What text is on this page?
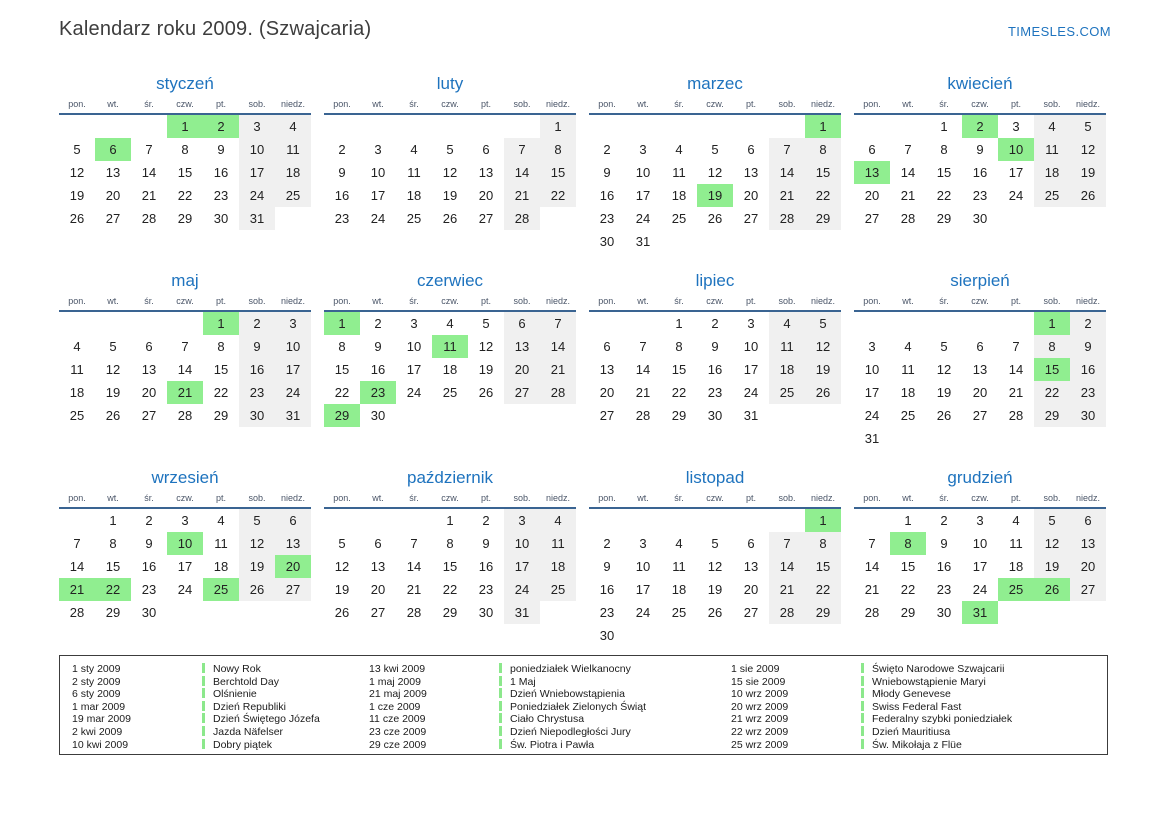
Kalendarz roku 2009. (Szwajcaria)	TIMESLES.COM
styczeń
pon.	wt.	śr.	czw.	pt.	sob.	niedz.
			1	2	3	4
5	6	7	8	9	10	11
12	13	14	15	16	17	18
19	20	21	22	23	24	25
26	27	28	29	30	31	
luty
pon.	wt.	śr.	czw.	pt.	sob.	niedz.
						1
2	3	4	5	6	7	8
9	10	11	12	13	14	15
16	17	18	19	20	21	22
23	24	25	26	27	28	
marzec
pon.	wt.	śr.	czw.	pt.	sob.	niedz.
						1
2	3	4	5	6	7	8
9	10	11	12	13	14	15
16	17	18	19	20	21	22
23	24	25	26	27	28	29
30	31					
kwiecień
pon.	wt.	śr.	czw.	pt.	sob.	niedz.
		1	2	3	4	5
6	7	8	9	10	11	12
13	14	15	16	17	18	19
20	21	22	23	24	25	26
27	28	29	30			
maj
pon.	wt.	śr.	czw.	pt.	sob.	niedz.
				1	2	3
4	5	6	7	8	9	10
11	12	13	14	15	16	17
18	19	20	21	22	23	24
25	26	27	28	29	30	31
czerwiec
pon.	wt.	śr.	czw.	pt.	sob.	niedz.
1	2	3	4	5	6	7
8	9	10	11	12	13	14
15	16	17	18	19	20	21
22	23	24	25	26	27	28
29	30					
lipiec
pon.	wt.	śr.	czw.	pt.	sob.	niedz.
		1	2	3	4	5
6	7	8	9	10	11	12
13	14	15	16	17	18	19
20	21	22	23	24	25	26
27	28	29	30	31		
sierpień
pon.	wt.	śr.	czw.	pt.	sob.	niedz.
					1	2
3	4	5	6	7	8	9
10	11	12	13	14	15	16
17	18	19	20	21	22	23
24	25	26	27	28	29	30
31						
wrzesień
pon.	wt.	śr.	czw.	pt.	sob.	niedz.
	1	2	3	4	5	6
7	8	9	10	11	12	13
14	15	16	17	18	19	20
21	22	23	24	25	26	27
28	29	30				
październik
pon.	wt.	śr.	czw.	pt.	sob.	niedz.
			1	2	3	4
5	6	7	8	9	10	11
12	13	14	15	16	17	18
19	20	21	22	23	24	25
26	27	28	29	30	31	
listopad
pon.	wt.	śr.	czw.	pt.	sob.	niedz.
						1
2	3	4	5	6	7	8
9	10	11	12	13	14	15
16	17	18	19	20	21	22
23	24	25	26	27	28	29
30						
grudzień
pon.	wt.	śr.	czw.	pt.	sob.	niedz.
	1	2	3	4	5	6
7	8	9	10	11	12	13
14	15	16	17	18	19	20
21	22	23	24	25	26	27
28	29	30	31			
1 sty 2009	Nowy Rok
2 sty 2009	Berchtold Day
6 sty 2009	Olśnienie
1 mar 2009	Dzień Republiki
19 mar 2009	Dzień Świętego Józefa
2 kwi 2009	Jazda Näfelser
10 kwi 2009	Dobry piątek
13 kwi 2009	poniedziałek Wielkanocny
1 maj 2009	1 Maj
21 maj 2009	Dzień Wniebowstąpienia
1 cze 2009	Poniedziałek Zielonych Świąt
11 cze 2009	Ciało Chrystusa
23 cze 2009	Dzień Niepodległości Jury
29 cze 2009	Św. Piotra i Pawła
1 sie 2009	Święto Narodowe Szwajcarii
15 sie 2009	Wniebowstąpienie Maryi
10 wrz 2009	Młody Genevese
20 wrz 2009	Swiss Federal Fast
21 wrz 2009	Federalny szybki poniedziałek
22 wrz 2009	Dzień Mauritiusa
25 wrz 2009	Św. Mikołaja z Flüe
